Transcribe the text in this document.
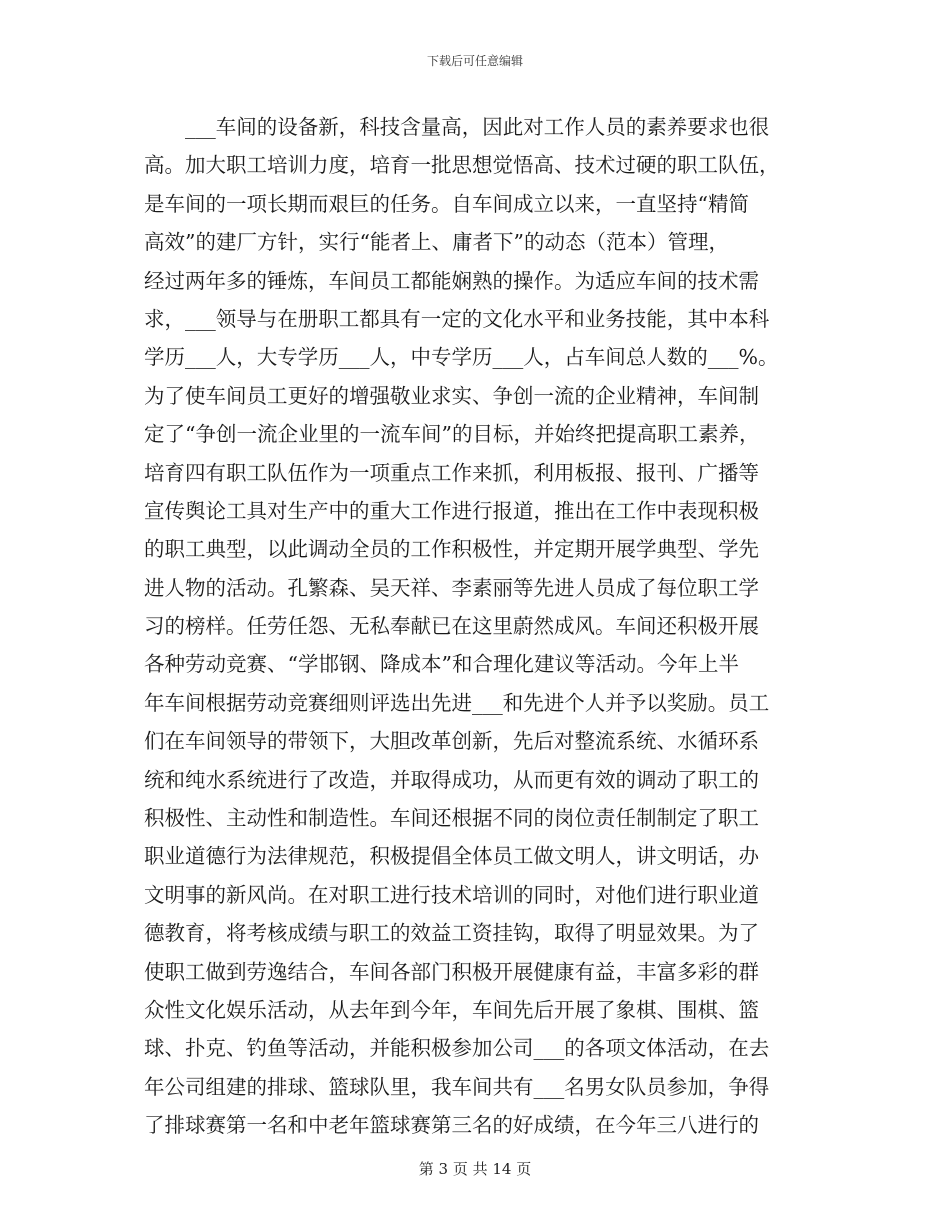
下载后可任意编辑
___车间的设备新，科技含量高，因此对工作人员的素养要求也很
高。加大职工培训力度，培育一批思想觉悟高、技术过硬的职工队伍，
是车间的一项长期而艰巨的任务。自车间成立以来，一直坚持“精简
高效”的建厂方针，实行“能者上、庸者下”的动态（范本）管理，
经过两年多的锤炼，车间员工都能娴熟的操作。为适应车间的技术需
求，___领导与在册职工都具有一定的文化水平和业务技能，其中本科
学历___人，大专学历___人，中专学历___人，占车间总人数的___%。
为了使车间员工更好的增强敬业求实、争创一流的企业精神，车间制
定了“争创一流企业里的一流车间”的目标，并始终把提高职工素养，
培育四有职工队伍作为一项重点工作来抓，利用板报、报刊、广播等
宣传舆论工具对生产中的重大工作进行报道，推出在工作中表现积极
的职工典型，以此调动全员的工作积极性，并定期开展学典型、学先
进人物的活动。孔繁森、吴天祥、李素丽等先进人员成了每位职工学
习的榜样。任劳任怨、无私奉献已在这里蔚然成风。车间还积极开展
各种劳动竞赛、“学邯钢、降成本”和合理化建议等活动。今年上半
年车间根据劳动竞赛细则评选出先进___和先进个人并予以奖励。员工
们在车间领导的带领下，大胆改革创新，先后对整流系统、水循环系
统和纯水系统进行了改造，并取得成功，从而更有效的调动了职工的
积极性、主动性和制造性。车间还根据不同的岗位责任制制定了职工
职业道德行为法律规范，积极提倡全体员工做文明人，讲文明话，办
文明事的新风尚。在对职工进行技术培训的同时，对他们进行职业道
德教育，将考核成绩与职工的效益工资挂钩，取得了明显效果。为了
使职工做到劳逸结合，车间各部门积极开展健康有益，丰富多彩的群
众性文化娱乐活动，从去年到今年，车间先后开展了象棋、围棋、篮
球、扑克、钓鱼等活动，并能积极参加公司___的各项文体活动，在去
年公司组建的排球、篮球队里，我车间共有___名男女队员参加，争得
了排球赛第一名和中老年篮球赛第三名的好成绩，在今年三八进行的
第 3 页 共 14 页
